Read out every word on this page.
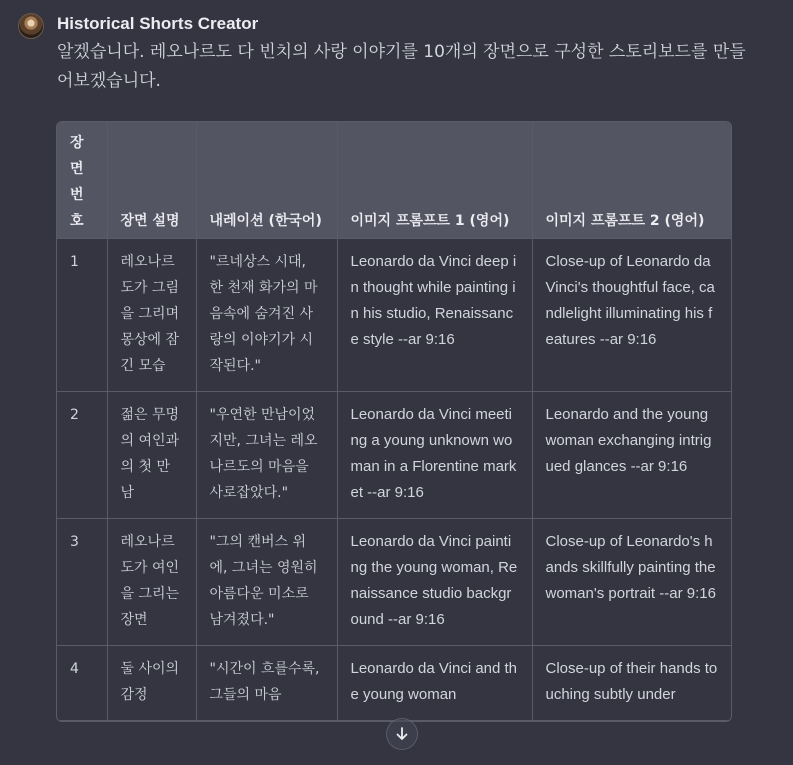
Historical Shorts Creator
알겠습니다. 레오나르도 다 빈치의 사랑 이야기를 10개의 장면으로 구성한 스토리보드를 만들어보겠습니다.
장면 번호	장면 설명	내레이션 (한국어)	이미지 프롬프트 1 (영어)	이미지 프롬프트 2 (영어)
1	레오나르도가 그림을 그리며 몽상에 잠긴 모습	"르네상스 시대, 한 천재 화가의 마음속에 숨겨진 사랑의 이야기가 시작된다."	Leonardo da Vinci deep in thought while painting in his studio, Renaissance style --ar 9:16	Close-up of Leonardo da Vinci's thoughtful face, candlelight illuminating his features --ar 9:16
2	젊은 무명의 여인과의 첫 만남	"우연한 만남이었지만, 그녀는 레오나르도의 마음을 사로잡았다."	Leonardo da Vinci meeting a young unknown woman in a Florentine market --ar 9:16	Leonardo and the young woman exchanging intrigued glances --ar 9:16
3	레오나르도가 여인을 그리는 장면	"그의 캔버스 위에, 그녀는 영원히 아름다운 미소로 남겨졌다."	Leonardo da Vinci painting the young woman, Renaissance studio background --ar 9:16	Close-up of Leonardo's hands skillfully painting the woman's portrait --ar 9:16
4	둘 사이의 감정	"시간이 흐를수록, 그들의 마음	Leonardo da Vinci and the young woman	Close-up of their hands touching subtly under
